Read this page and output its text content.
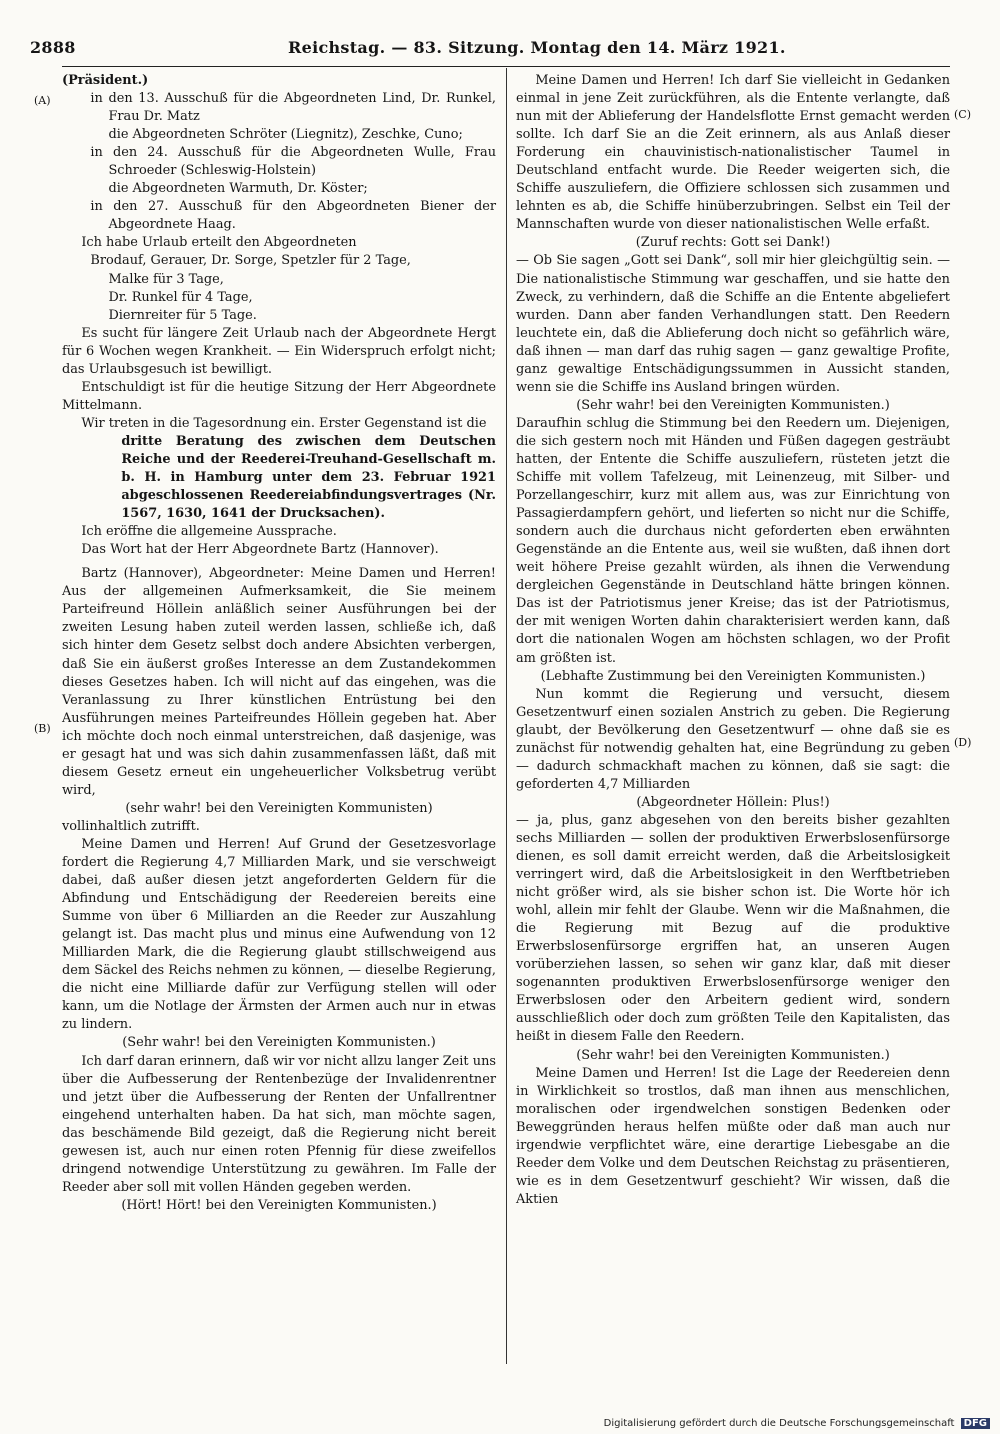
2888	Reichstag. — 83. Sitzung. Montag den 14. März 1921.
(A)
(B)
(C)
(D)

(Präsident.)

in den 13. Ausschuß für die Abgeordneten Lind, Dr. Runkel, Frau Dr. Matz

die Abgeordneten Schröter (Liegnitz), Zeschke, Cuno;

in den 24. Ausschuß für die Abgeordneten Wulle, Frau Schroeder (Schleswig-Holstein)

die Abgeordneten Warmuth, Dr. Köster;

in den 27. Ausschuß für den Abgeordneten Biener der Abgeordnete Haag.

Ich habe Urlaub erteilt den Abgeordneten

Brodauf, Gerauer, Dr. Sorge, Spetzler für 2 Tage,

Malke für 3 Tage,

Dr. Runkel für 4 Tage,

Diernreiter für 5 Tage.

Es sucht für längere Zeit Urlaub nach der Abgeordnete Hergt für 6 Wochen wegen Krankheit. — Ein Widerspruch erfolgt nicht; das Urlaubsgesuch ist bewilligt.

Entschuldigt ist für die heutige Sitzung der Herr Abgeordnete Mittelmann.

Wir treten in die Tagesordnung ein. Erster Gegenstand ist die

dritte Beratung des zwischen dem Deutschen Reiche und der Reederei-Treuhand-Gesellschaft m. b. H. in Hamburg unter dem 23. Februar 1921 abgeschlossenen Reedereiabfindungsvertrages (Nr. 1567, 1630, 1641 der Drucksachen).

Ich eröffne die allgemeine Aussprache.

Das Wort hat der Herr Abgeordnete Bartz (Hannover).

Bartz (Hannover), Abgeordneter: Meine Damen und Herren! Aus der allgemeinen Aufmerksamkeit, die Sie meinem Parteifreund Höllein anläßlich seiner Ausführungen bei der zweiten Lesung haben zuteil werden lassen, schließe ich, daß sich hinter dem Gesetz selbst doch andere Absichten verbergen, daß Sie ein äußerst großes Interesse an dem Zustandekommen dieses Gesetzes haben. Ich will nicht auf das eingehen, was die Veranlassung zu Ihrer künstlichen Entrüstung bei den Ausführungen meines Parteifreundes Höllein gegeben hat. Aber ich möchte doch noch einmal unterstreichen, daß dasjenige, was er gesagt hat und was sich dahin zusammenfassen läßt, daß mit diesem Gesetz erneut ein ungeheuerlicher Volksbetrug verübt wird,

(sehr wahr! bei den Vereinigten Kommunisten)

vollinhaltlich zutrifft.

Meine Damen und Herren! Auf Grund der Gesetzesvorlage fordert die Regierung 4,7 Milliarden Mark, und sie verschweigt dabei, daß außer diesen jetzt angeforderten Geldern für die Abfindung und Entschädigung der Reedereien bereits eine Summe von über 6 Milliarden an die Reeder zur Auszahlung gelangt ist. Das macht plus und minus eine Aufwendung von 12 Milliarden Mark, die die Regierung glaubt stillschweigend aus dem Säckel des Reichs nehmen zu können, — dieselbe Regierung, die nicht eine Milliarde dafür zur Verfügung stellen will oder kann, um die Notlage der Ärmsten der Armen auch nur in etwas zu lindern.

(Sehr wahr! bei den Vereinigten Kommunisten.)

Ich darf daran erinnern, daß wir vor nicht allzu langer Zeit uns über die Aufbesserung der Rentenbezüge der Invalidenrentner und jetzt über die Aufbesserung der Renten der Unfallrentner eingehend unterhalten haben. Da hat sich, man möchte sagen, das beschämende Bild gezeigt, daß die Regierung nicht bereit gewesen ist, auch nur einen roten Pfennig für diese zweifellos dringend notwendige Unterstützung zu gewähren. Im Falle der Reeder aber soll mit vollen Händen gegeben werden.

(Hört! Hört! bei den Vereinigten Kommunisten.)

Meine Damen und Herren! Ich darf Sie vielleicht in Gedanken einmal in jene Zeit zurückführen, als die Entente verlangte, daß nun mit der Ablieferung der Handelsflotte Ernst gemacht werden sollte. Ich darf Sie an die Zeit erinnern, als aus Anlaß dieser Forderung ein chauvinistisch-nationalistischer Taumel in Deutschland entfacht wurde. Die Reeder weigerten sich, die Schiffe auszuliefern, die Offiziere schlossen sich zusammen und lehnten es ab, die Schiffe hinüberzubringen. Selbst ein Teil der Mannschaften wurde von dieser nationalistischen Welle erfaßt.

(Zuruf rechts: Gott sei Dank!)

— Ob Sie sagen „Gott sei Dank“, soll mir hier gleichgültig sein. — Die nationalistische Stimmung war geschaffen, und sie hatte den Zweck, zu verhindern, daß die Schiffe an die Entente abgeliefert wurden. Dann aber fanden Verhandlungen statt. Den Reedern leuchtete ein, daß die Ablieferung doch nicht so gefährlich wäre, daß ihnen — man darf das ruhig sagen — ganz gewaltige Profite, ganz gewaltige Entschädigungssummen in Aussicht standen, wenn sie die Schiffe ins Ausland bringen würden.

(Sehr wahr! bei den Vereinigten Kommunisten.)

Daraufhin schlug die Stimmung bei den Reedern um. Diejenigen, die sich gestern noch mit Händen und Füßen dagegen gesträubt hatten, der Entente die Schiffe auszuliefern, rüsteten jetzt die Schiffe mit vollem Tafelzeug, mit Leinenzeug, mit Silber- und Porzellangeschirr, kurz mit allem aus, was zur Einrichtung von Passagierdampfern gehört, und lieferten so nicht nur die Schiffe, sondern auch die durchaus nicht geforderten eben erwähnten Gegenstände an die Entente aus, weil sie wußten, daß ihnen dort weit höhere Preise gezahlt würden, als ihnen die Verwendung dergleichen Gegenstände in Deutschland hätte bringen können. Das ist der Patriotismus jener Kreise; das ist der Patriotismus, der mit wenigen Worten dahin charakterisiert werden kann, daß dort die nationalen Wogen am höchsten schlagen, wo der Profit am größten ist.

(Lebhafte Zustimmung bei den Vereinigten Kommunisten.)

Nun kommt die Regierung und versucht, diesem Gesetzentwurf einen sozialen Anstrich zu geben. Die Regierung glaubt, der Bevölkerung den Gesetzentwurf — ohne daß sie es zunächst für notwendig gehalten hat, eine Begründung zu geben — dadurch schmackhaft machen zu können, daß sie sagt: die geforderten 4,7 Milliarden

(Abgeordneter Höllein: Plus!)

— ja, plus, ganz abgesehen von den bereits bisher gezahlten sechs Milliarden — sollen der produktiven Erwerbslosenfürsorge dienen, es soll damit erreicht werden, daß die Arbeitslosigkeit verringert wird, daß die Arbeitslosigkeit in den Werftbetrieben nicht größer wird, als sie bisher schon ist. Die Worte hör ich wohl, allein mir fehlt der Glaube. Wenn wir die Maßnahmen, die die Regierung mit Bezug auf die produktive Erwerbslosenfürsorge ergriffen hat, an unseren Augen vorüberziehen lassen, so sehen wir ganz klar, daß mit dieser sogenannten produktiven Erwerbslosenfürsorge weniger den Erwerbslosen oder den Arbeitern gedient wird, sondern ausschließlich oder doch zum größten Teile den Kapitalisten, das heißt in diesem Falle den Reedern.

(Sehr wahr! bei den Vereinigten Kommunisten.)

Meine Damen und Herren! Ist die Lage der Reedereien denn in Wirklichkeit so trostlos, daß man ihnen aus menschlichen, moralischen oder irgendwelchen sonstigen Bedenken oder Beweggründen heraus helfen müßte oder daß man auch nur irgendwie verpflichtet wäre, eine derartige Liebesgabe an die Reeder dem Volke und dem Deutschen Reichstag zu präsentieren, wie es in dem Gesetzentwurf geschieht? Wir wissen, daß die Aktien

Digitalisierung gefördert durch die Deutsche Forschungsgemeinschaft DFG
